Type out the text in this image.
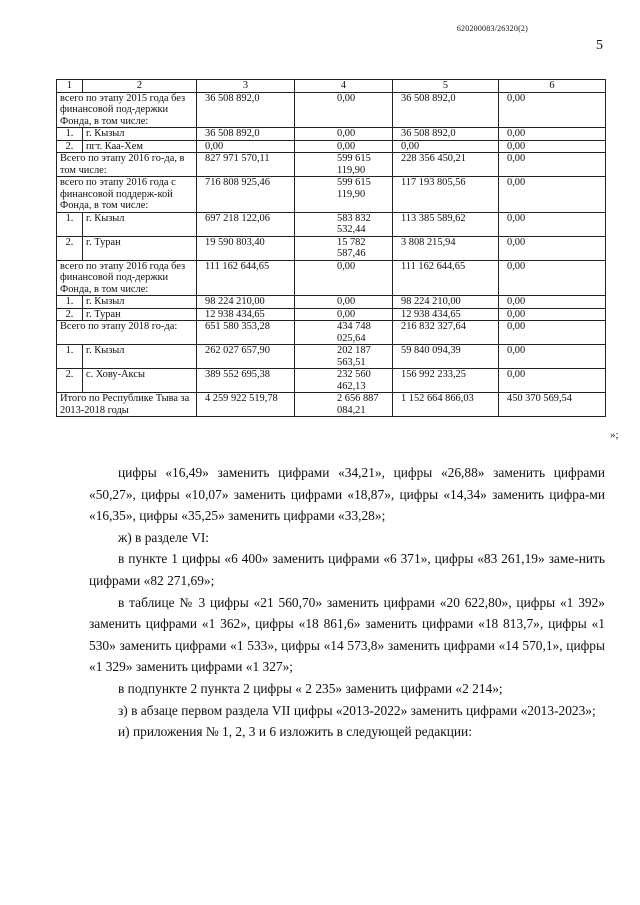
620200083/26320(2)
5
1	2	3	4	5	6
всего по этапу 2015 года без финансовой под-держки Фонда, в том числе:		36 508 892,0	0,00	36 508 892,0	0,00
1.	г. Кызыл	36 508 892,0	0,00	36 508 892,0	0,00
2.	пгт. Каа-Хем	0,00	0,00	0,00	0,00
Всего по этапу 2016 го-да, в том числе:		827 971 570,11	599 615 119,90	228 356 450,21	0,00
всего по этапу 2016 года с финансовой поддерж-кой Фонда, в том числе:		716 808 925,46	599 615 119,90	117 193 805,56	0,00
1.	г. Кызыл	697 218 122,06	583 832 532,44	113 385 589,62	0,00
2.	г. Туран	19 590 803,40	15 782 587,46	3 808 215,94	0,00
всего по этапу 2016 года без финансовой под-держки Фонда, в том числе:		111 162 644,65	0,00	111 162 644,65	0,00
1.	г. Кызыл	98 224 210,00	0,00	98 224 210,00	0,00
2.	г. Туран	12 938 434,65	0,00	12 938 434,65	0,00
Всего по этапу 2018 го-да:		651 580 353,28	434 748 025,64	216 832 327,64	0,00
1.	г. Кызыл	262 027 657,90	202 187 563,51	59 840 094,39	0,00
2.	с. Хову-Аксы	389 552 695,38	232 560 462,13	156 992 233,25	0,00
Итого по Республике Тыва за 2013-2018 годы		4 259 922 519,78	2 656 887 084,21	1 152 664 866,03	450 370 569,54
»;

цифры «16,49» заменить цифрами «34,21», цифры «26,88» заменить цифрами «50,27», цифры «10,07» заменить цифрами «18,87», цифры «14,34» заменить цифра-ми «16,35», цифры «35,25» заменить цифрами «33,28»;

ж) в разделе VI:

в пункте 1 цифры «6 400» заменить цифрами «6 371», цифры «83 261,19» заме-нить цифрами «82 271,69»;

в таблице № 3 цифры «21 560,70» заменить цифрами «20 622,80», цифры «1 392» заменить цифрами «1 362», цифры «18 861,6» заменить цифрами «18 813,7», цифры «1 530» заменить цифрами «1 533», цифры «14 573,8» заменить цифрами «14 570,1», цифры «1 329» заменить цифрами «1 327»;

в подпункте 2 пункта 2 цифры « 2 235» заменить цифрами «2 214»;

з) в абзаце первом раздела VII цифры «2013-2022» заменить цифрами «2013-2023»;

и) приложения № 1, 2, 3 и 6 изложить в следующей редакции:
